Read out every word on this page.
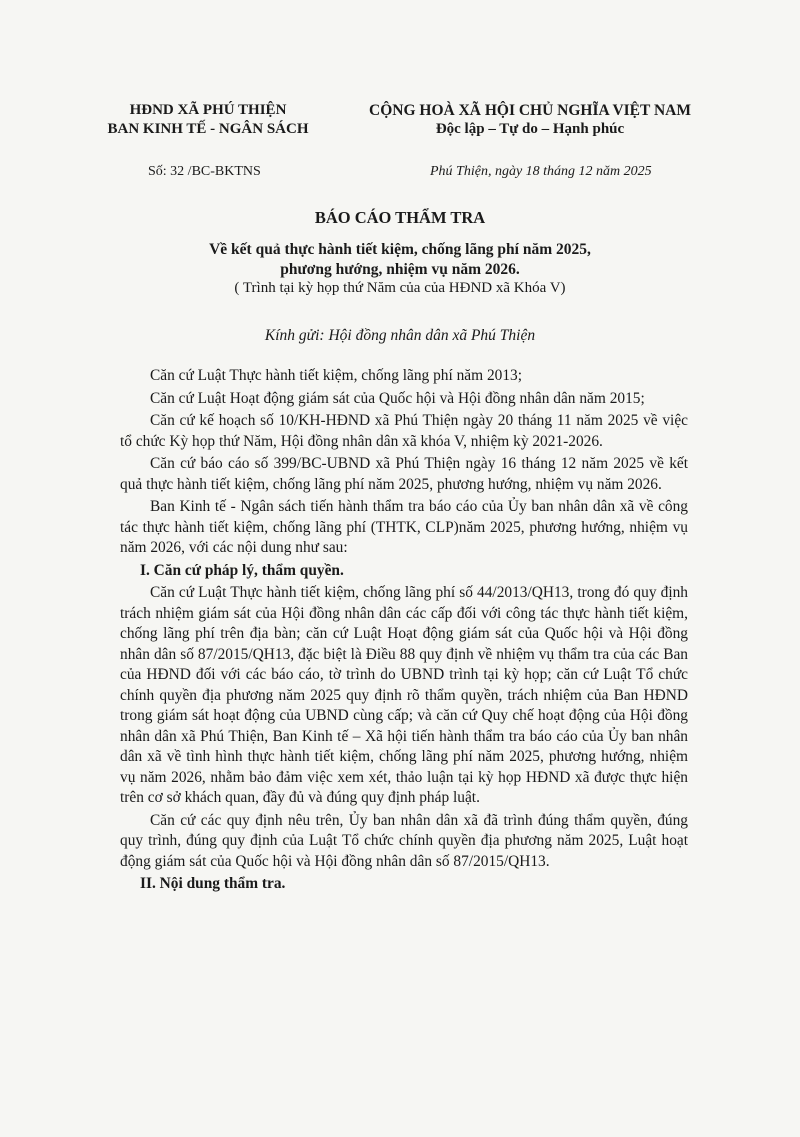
HĐND XÃ PHÚ THIỆN
BAN KINH TẾ - NGÂN SÁCH
CỘNG HOÀ XÃ HỘI CHỦ NGHĨA VIỆT NAM
Độc lập – Tự do – Hạnh phúc
Số: 32 /BC-BKTNS	Phú Thiện, ngày 18 tháng 12 năm 2025
BÁO CÁO THẨM TRA
Về kết quả thực hành tiết kiệm, chống lãng phí năm 2025,
phương hướng, nhiệm vụ năm 2026.
( Trình tại kỳ họp thứ Năm của của HĐND xã Khóa V)
Kính gửi: Hội đồng nhân dân xã Phú Thiện

Căn cứ Luật Thực hành tiết kiệm, chống lãng phí năm 2013;

Căn cứ Luật Hoạt động giám sát của Quốc hội và Hội đồng nhân dân năm 2015;

Căn cứ kế hoạch số 10/KH-HĐND xã Phú Thiện ngày 20 tháng 11 năm 2025 về việc tổ chức Kỳ họp thứ Năm, Hội đồng nhân dân xã khóa V, nhiệm kỳ 2021-2026.

Căn cứ báo cáo số 399/BC-UBND xã Phú Thiện ngày 16 tháng 12 năm 2025 về kết quả thực hành tiết kiệm, chống lãng phí năm 2025, phương hướng, nhiệm vụ năm 2026.

Ban Kinh tế - Ngân sách tiến hành thẩm tra báo cáo của Ủy ban nhân dân xã về công tác thực hành tiết kiệm, chống lãng phí (THTK, CLP)năm 2025, phương hướng, nhiệm vụ năm 2026, với các nội dung như sau:

I. Căn cứ pháp lý, thẩm quyền.

Căn cứ Luật Thực hành tiết kiệm, chống lãng phí số 44/2013/QH13, trong đó quy định trách nhiệm giám sát của Hội đồng nhân dân các cấp đối với công tác thực hành tiết kiệm, chống lãng phí trên địa bàn; căn cứ Luật Hoạt động giám sát của Quốc hội và Hội đồng nhân dân số 87/2015/QH13, đặc biệt là Điều 88 quy định về nhiệm vụ thẩm tra của các Ban của HĐND đối với các báo cáo, tờ trình do UBND trình tại kỳ họp; căn cứ Luật Tổ chức chính quyền địa phương năm 2025 quy định rõ thẩm quyền, trách nhiệm của Ban HĐND trong giám sát hoạt động của UBND cùng cấp; và căn cứ Quy chế hoạt động của Hội đồng nhân dân xã Phú Thiện, Ban Kinh tế – Xã hội tiến hành thẩm tra báo cáo của Ủy ban nhân dân xã về tình hình thực hành tiết kiệm, chống lãng phí năm 2025, phương hướng, nhiệm vụ năm 2026, nhằm bảo đảm việc xem xét, thảo luận tại kỳ họp HĐND xã được thực hiện trên cơ sở khách quan, đầy đủ và đúng quy định pháp luật.

Căn cứ các quy định nêu trên, Ủy ban nhân dân xã đã trình đúng thẩm quyền, đúng quy trình, đúng quy định của Luật Tổ chức chính quyền địa phương năm 2025, Luật hoạt động giám sát của Quốc hội và Hội đồng nhân dân số 87/2015/QH13.

II. Nội dung thẩm tra.
